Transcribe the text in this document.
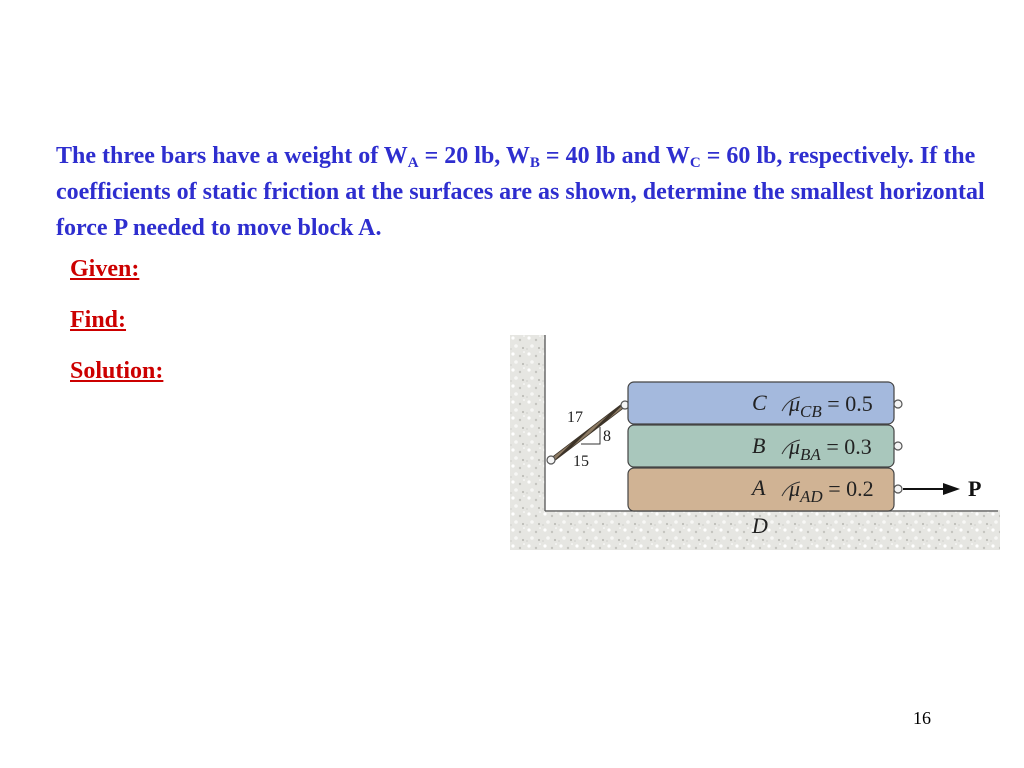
The three bars have a weight of $W_A = 20$ lb, $W_B = 40$ lb and $W_C = 60$ lb, respectively. If the coefficients of static friction at the surfaces are as shown, determine the smallest horizontal force P needed to move block A.

Given:

Find:

Solution:

17
8
15
C $\mu_{CB} = 0.5$
B $\mu_{BA} = 0.3$
A $\mu_{AD} = 0.2$	P
D
16
